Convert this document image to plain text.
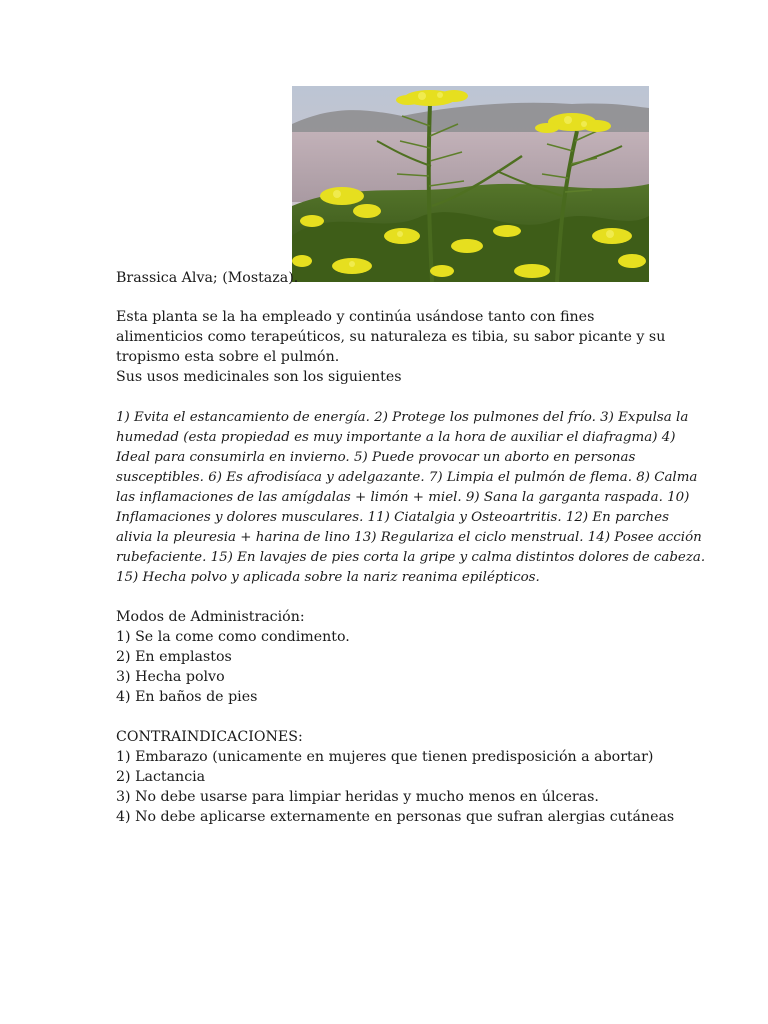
Brassica Alva; (Mostaza).
Esta planta se la ha empleado y continúa usándose tanto con fines
alimenticios como terapeúticos, su naturaleza es tibia, su sabor picante y su
tropismo esta sobre el pulmón.
Sus usos medicinales son los siguientes
1) Evita el estancamiento de energía. 2) Protege los pulmones del frío. 3) Expulsa la
humedad (esta propiedad es muy importante a la hora de auxiliar el diafragma) 4)
Ideal para consumirla en invierno. 5) Puede provocar un aborto en personas
susceptibles. 6) Es afrodisíaca y adelgazante. 7) Limpia el pulmón de flema. 8) Calma
las inflamaciones de las amígdalas + limón + miel. 9) Sana la garganta raspada. 10)
Inflamaciones y dolores musculares. 11) Ciatalgia y Osteoartritis. 12) En parches
alivia la pleuresia + harina de lino 13) Regulariza el ciclo menstrual. 14) Posee acción
rubefaciente. 15) En lavajes de pies corta la gripe y calma distintos dolores de cabeza.
15) Hecha polvo y aplicada sobre la nariz reanima epilépticos.
Modos de Administración:
1) Se la come como condimento.
2) En emplastos
3) Hecha polvo
4) En baños de pies
CONTRAINDICACIONES:
1) Embarazo (unicamente en mujeres que tienen predisposición a abortar)
2) Lactancia
3) No debe usarse para limpiar heridas y mucho menos en úlceras.
4) No debe aplicarse externamente en personas que sufran alergias cutáneas
